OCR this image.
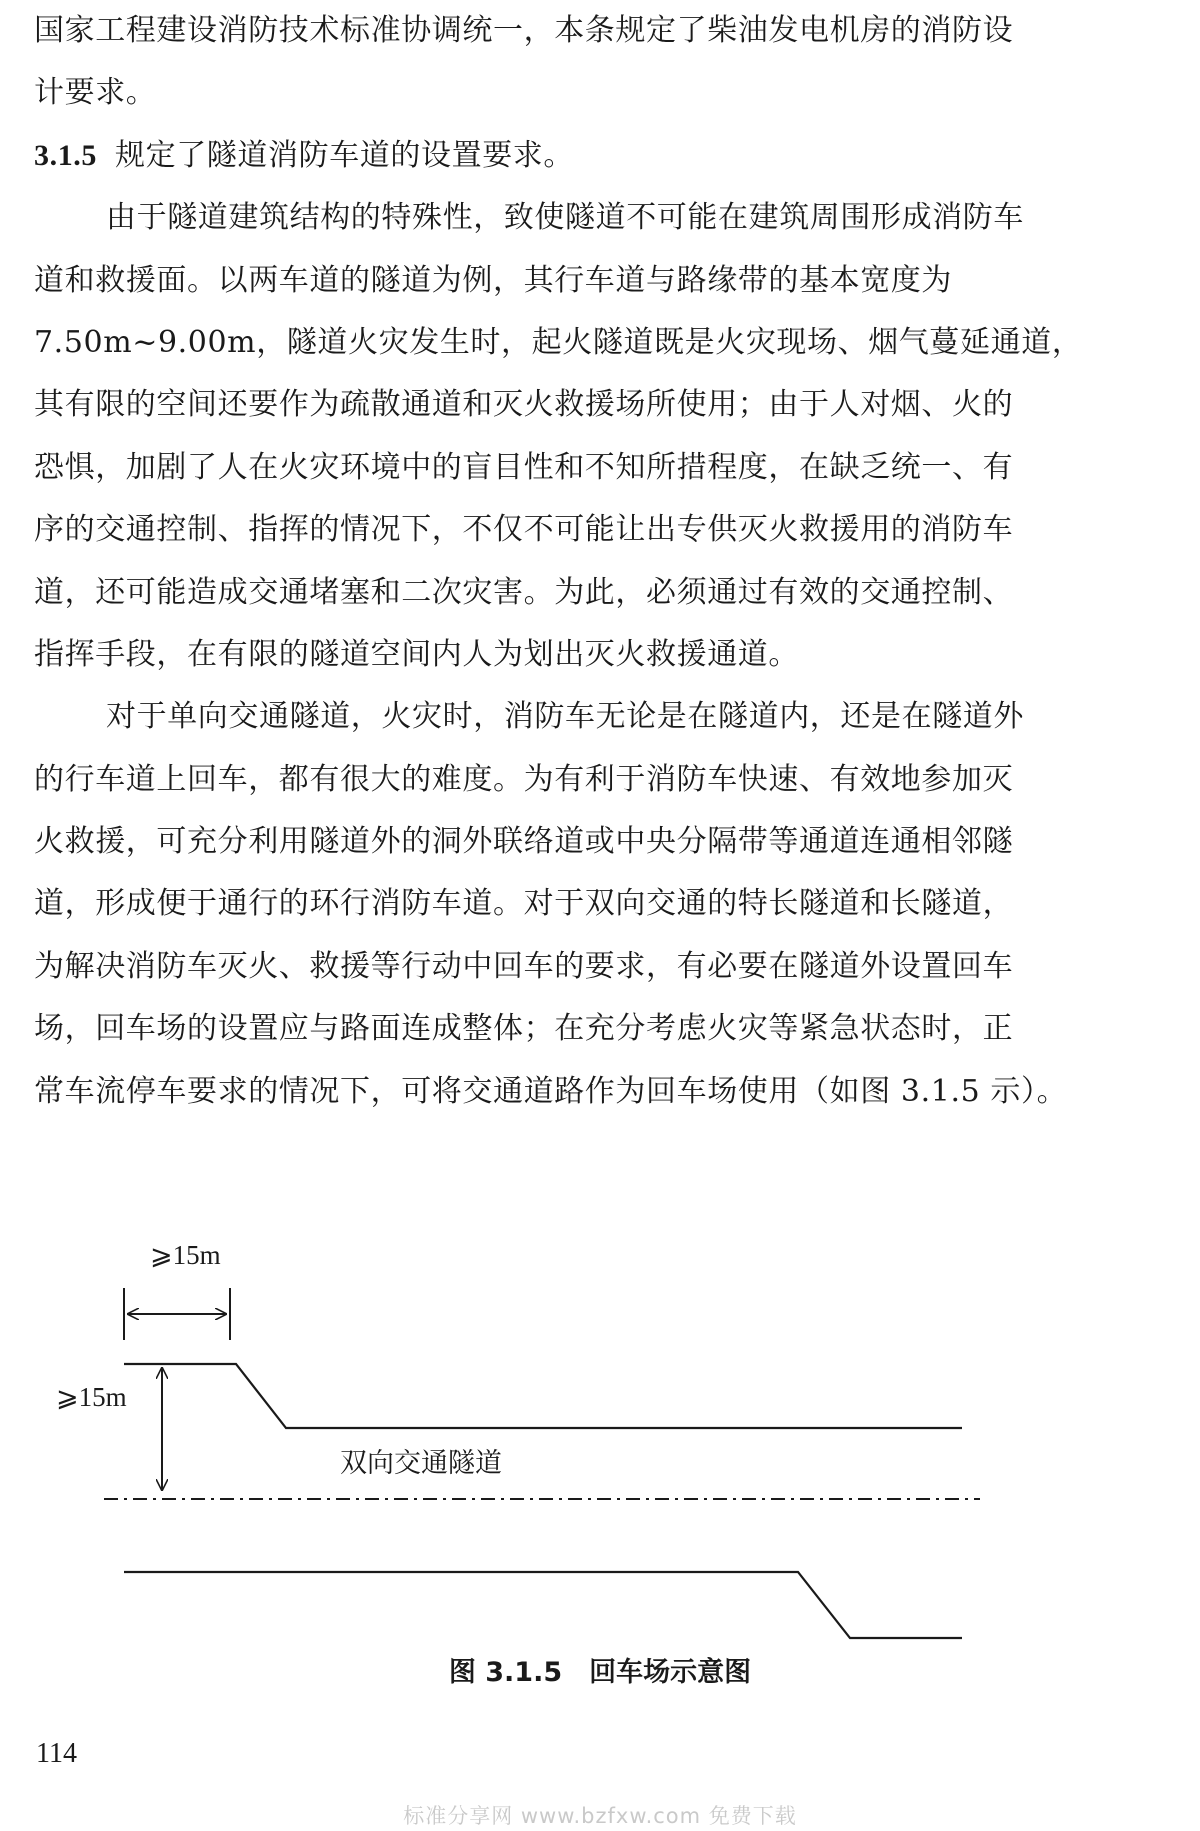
国家工程建设消防技术标准协调统一，本条规定了柴油发电机房的消防设
计要求。
3.1.5 规定了隧道消防车道的设置要求。
由于隧道建筑结构的特殊性，致使隧道不可能在建筑周围形成消防车
道和救援面。以两车道的隧道为例，其行车道与路缘带的基本宽度为
7.50m~9.00m，隧道火灾发生时，起火隧道既是火灾现场、烟气蔓延通道，
其有限的空间还要作为疏散通道和灭火救援场所使用；由于人对烟、火的
恐惧，加剧了人在火灾环境中的盲目性和不知所措程度，在缺乏统一、有
序的交通控制、指挥的情况下，不仅不可能让出专供灭火救援用的消防车
道，还可能造成交通堵塞和二次灾害。为此，必须通过有效的交通控制、
指挥手段，在有限的隧道空间内人为划出灭火救援通道。
对于单向交通隧道，火灾时，消防车无论是在隧道内，还是在隧道外
的行车道上回车，都有很大的难度。为有利于消防车快速、有效地参加灭
火救援，可充分利用隧道外的洞外联络道或中央分隔带等通道连通相邻隧
道，形成便于通行的环行消防车道。对于双向交通的特长隧道和长隧道，
为解决消防车灭火、救援等行动中回车的要求，有必要在隧道外设置回车
场，回车场的设置应与路面连成整体；在充分考虑火灾等紧急状态时，正
常车流停车要求的情况下，可将交通道路作为回车场使用（如图 3.1.5 示）。
⩾15m
⩾15m
双向交通隧道
图 3.1.5　回车场示意图
114
标准分享网 www.bzfxw.com 免费下载
